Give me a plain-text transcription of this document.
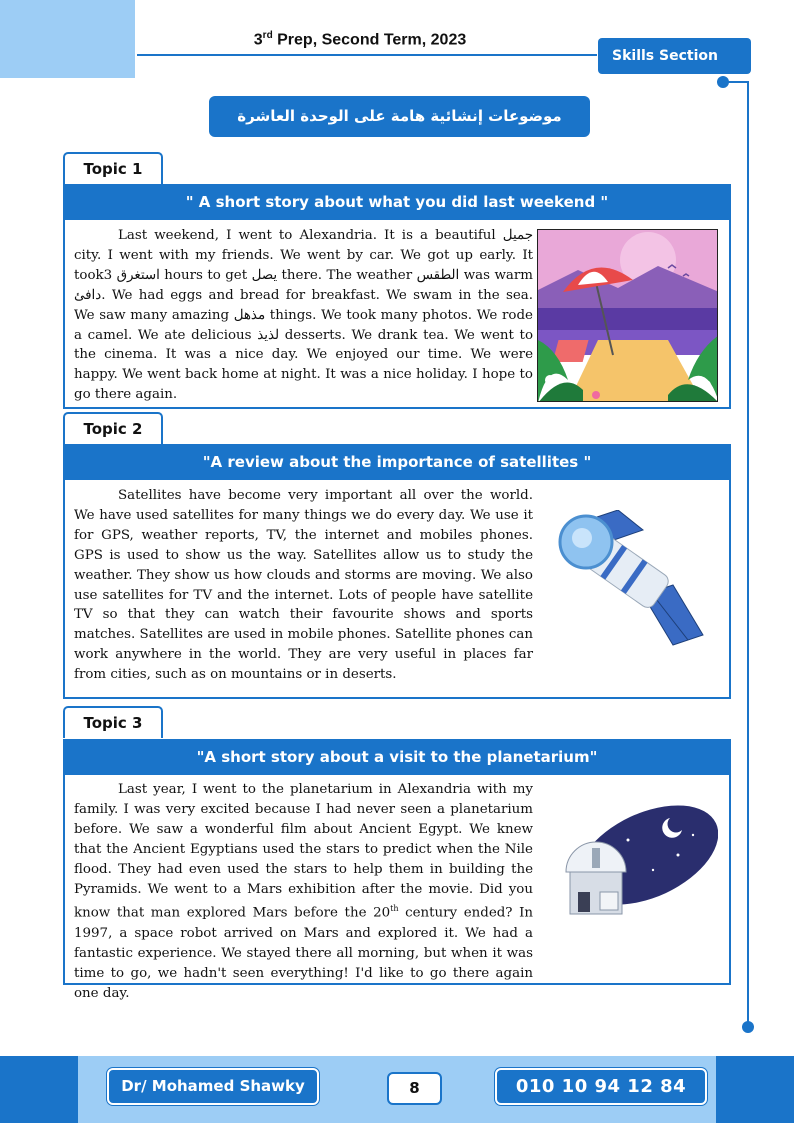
3rd Prep, Second Term, 2023
Skills Section
موضوعات إنشائية هامة على الوحدة العاشرة
Topic 1
" A short story about what you did last weekend "
Last weekend, I went to Alexandria. It is a beautiful جميل city. I went with my friends. We went by car. We got up early. It took3 استغرق hours to get يصل there. The weather الطقس was warm دافئ. We had eggs and bread for breakfast. We swam in the sea. We saw many amazing مذهل things. We took many photos. We rode a camel. We ate delicious لذيذ desserts. We drank tea. We went to the cinema. It was a nice day. We enjoyed our time. We were happy. We went back home at night. It was a nice holiday. I hope to go there again.
Topic 2
"A review about the importance of satellites "
Satellites have become very important all over the world. We have used satellites for many things we do every day. We use it for GPS, weather reports, TV, the internet and mobiles phones. GPS is used to show us the way. Satellites allow us to study the weather. They show us how clouds and storms are moving. We also use satellites for TV and the internet. Lots of people have satellite TV so that they can watch their favourite shows and sports matches. Satellites are used in mobile phones. Satellite phones can work anywhere in the world. They are very useful in places far from cities, such as on mountains or in deserts.
Topic 3
"A short story about a visit to the planetarium"
Last year, I went to the planetarium in Alexandria with my family. I was very excited because I had never seen a planetarium before. We saw a wonderful film about Ancient Egypt. We knew that the Ancient Egyptians used the stars to predict when the Nile flood. They had even used the stars to help them in building the Pyramids. We went to a Mars exhibition after the movie. Did you know that man explored Mars before the 20th century ended? In 1997, a space robot arrived on Mars and explored it. We had a fantastic experience. We stayed there all morning, but when it was time to go, we hadn't seen everything! I'd like to go there again one day.
Dr/ Mohamed Shawky	8	010 10 94 12 84
